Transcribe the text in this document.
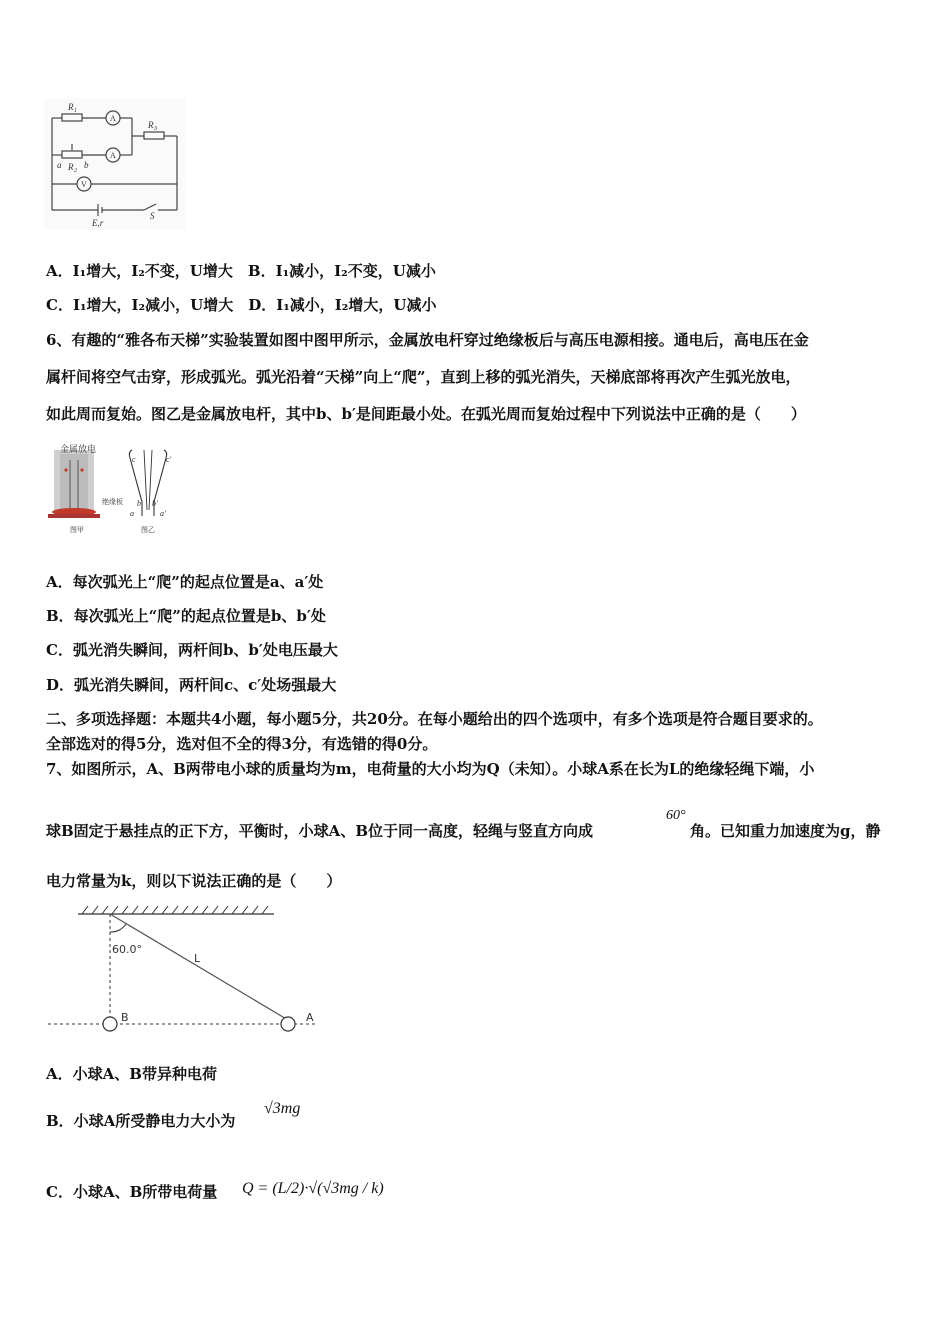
R 1
A
R 3
a R 2
b
A
V
E,r
S
A．I₁增大，I₂不变，U增大　B．I₁减小，I₂不变，U减小
C．I₁增大，I₂减小，U增大　D．I₁减小，I₂增大，U减小
6、有趣的“雅各布天梯”实验装置如图中图甲所示，金属放电杆穿过绝缘板后与高压电源相接。通电后，高电压在金
属杆间将空气击穿，形成弧光。弧光沿着“天梯”向上“爬”，直到上移的弧光消失，天梯底部将再次产生弧光放电，
如此周而复始。图乙是金属放电杆，其中b、b′是间距最小处。在弧光周而复始过程中下列说法中正确的是（　　）
金属放电
绝缘板
图甲	图乙
c	c′
b b′
a	a′
A．每次弧光上“爬”的起点位置是a、a′处
B．每次弧光上“爬”的起点位置是b、b′处
C．弧光消失瞬间，两杆间b、b′处电压最大
D．弧光消失瞬间，两杆间c、c′处场强最大
二、多项选择题：本题共4小题，每小题5分，共20分。在每小题给出的四个选项中，有多个选项是符合题目要求的。
全部选对的得5分，选对但不全的得3分，有选错的得0分。
7、如图所示，A、B两带电小球的质量均为m，电荷量的大小均为Q（未知）。小球A系在长为L的绝缘轻绳下端，小
球B固定于悬挂点的正下方，平衡时，小球A、B位于同一高度，轻绳与竖直方向成
60°
角。已知重力加速度为g，静
电力常量为k，则以下说法正确的是（　　）
60.0°
L
B	A
A．小球A、B带异种电荷
B．小球A所受静电力大小为
√3mg
C．小球A、B所带电荷量 Q = (L/2)·√(√3mg / k)
